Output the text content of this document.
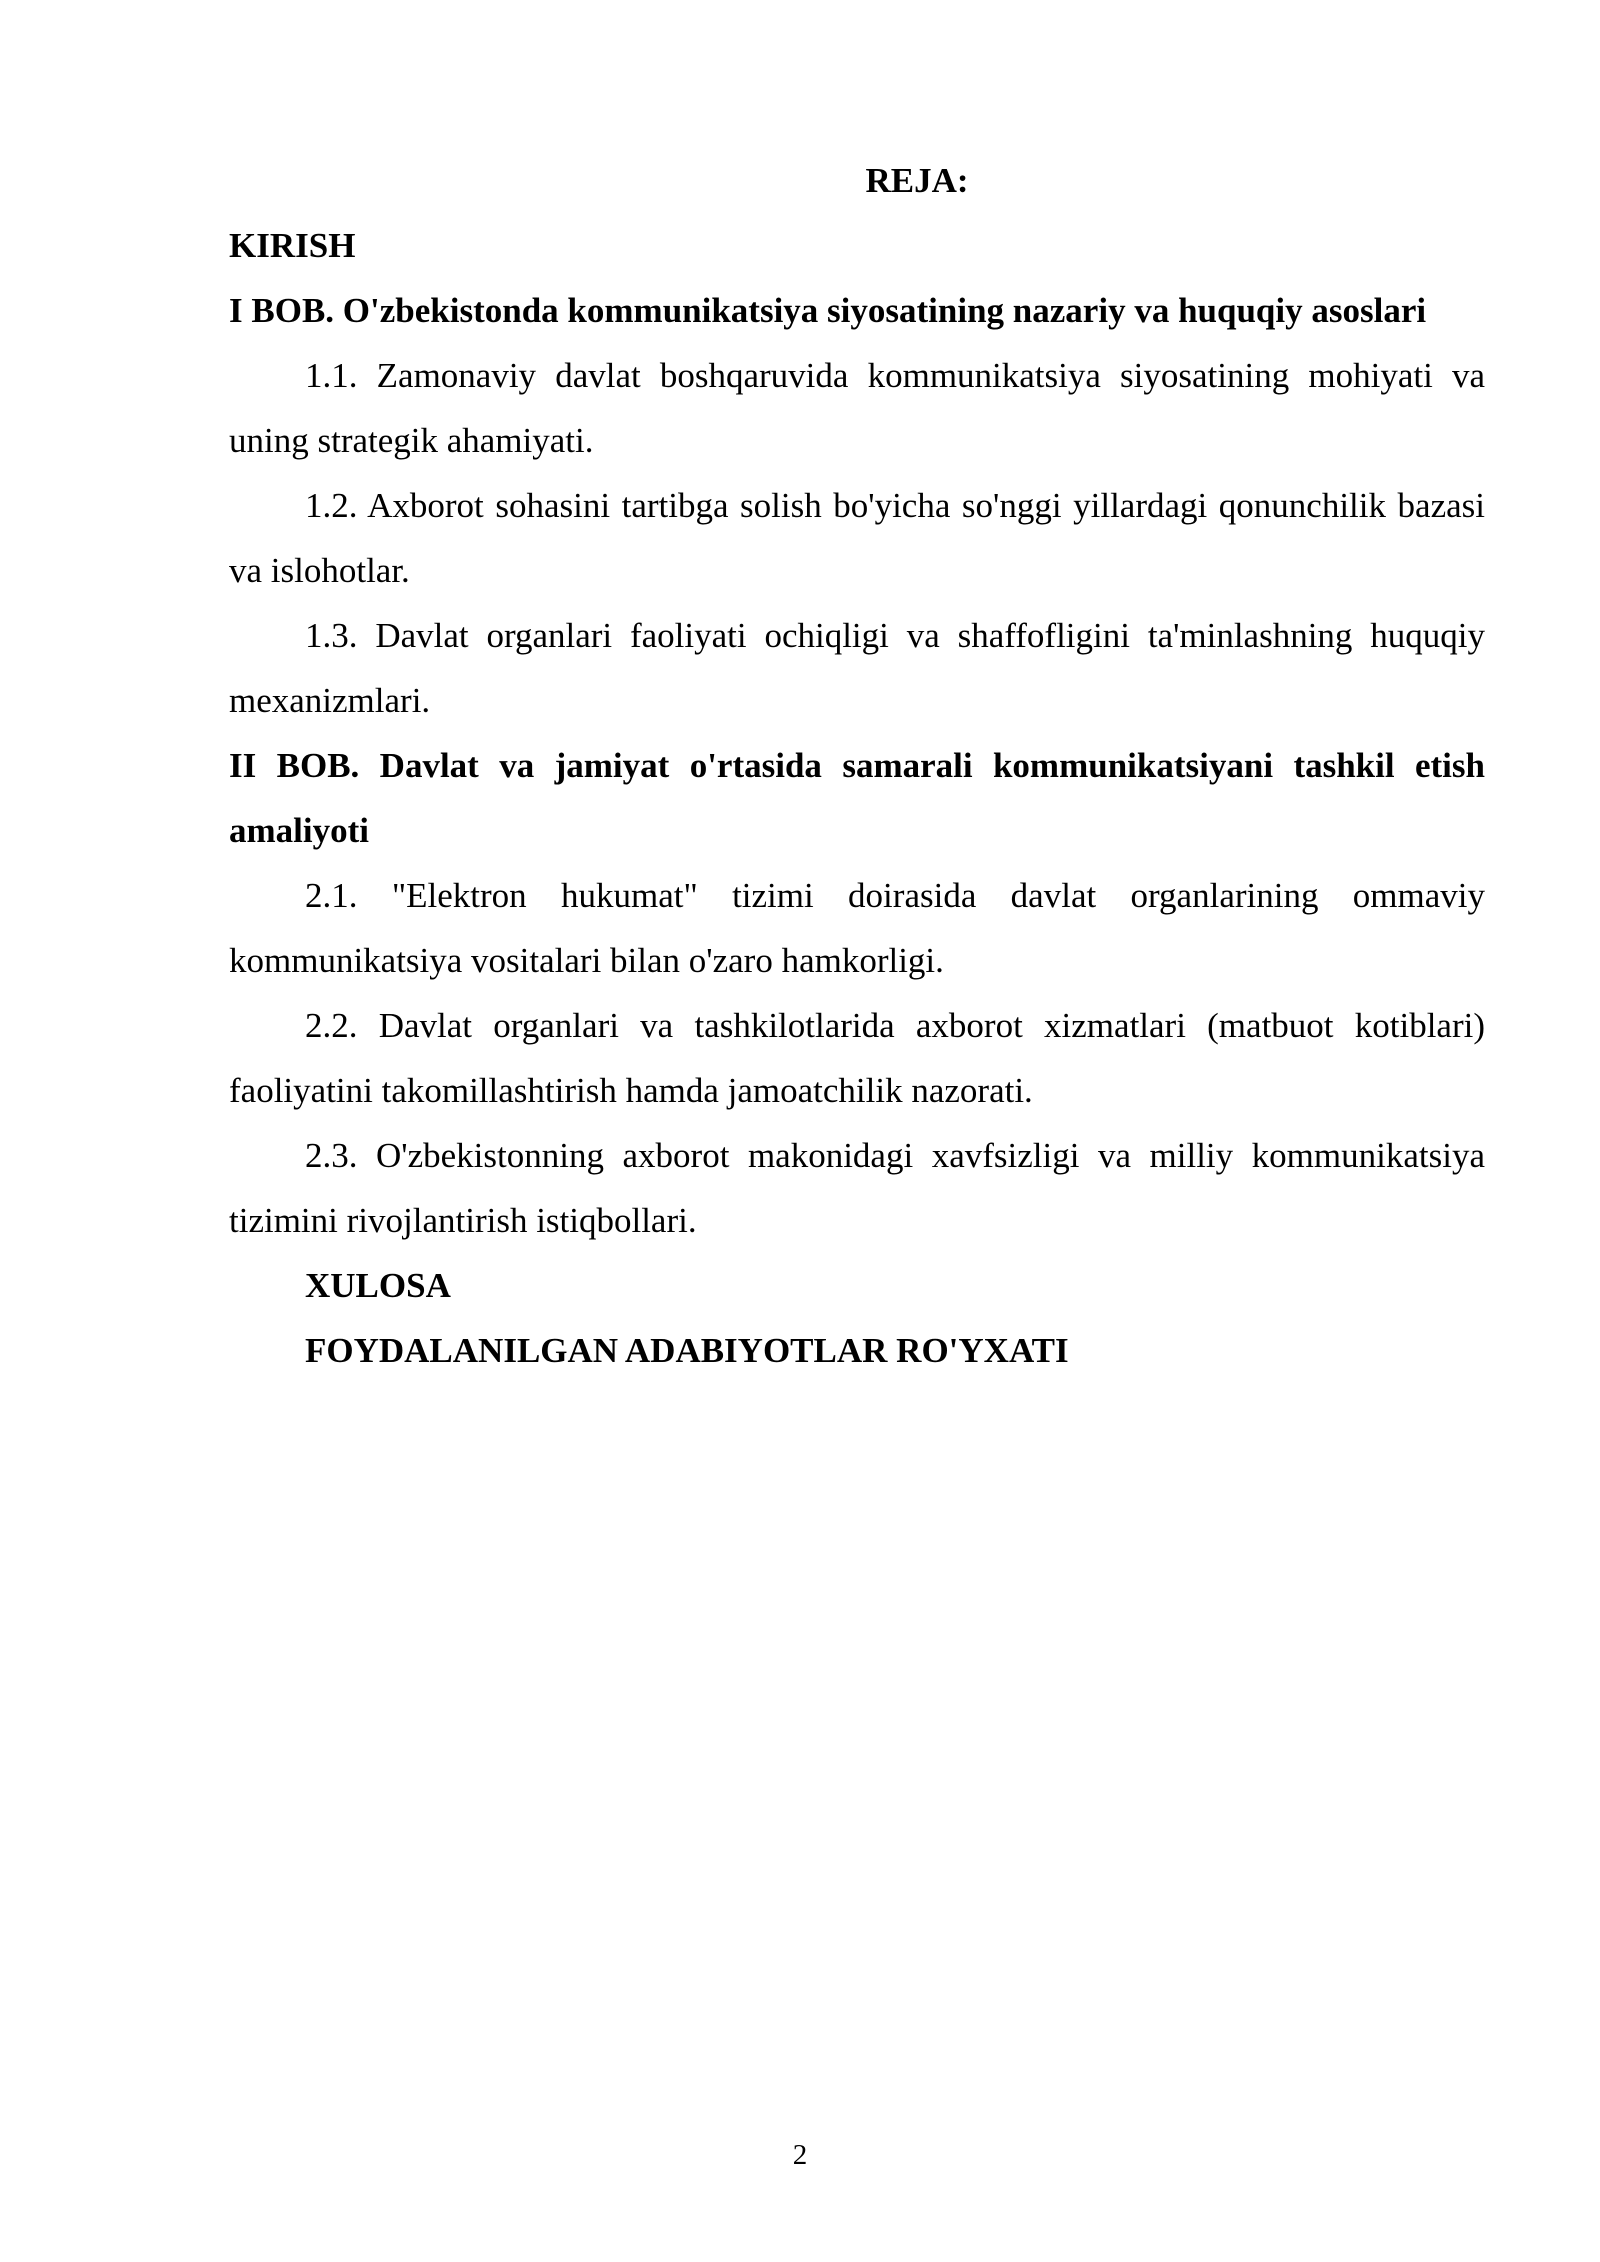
REJA:

KIRISH

I BOB. O'zbekistonda kommunikatsiya siyosatining nazariy va huquqiy asoslari

1.1. Zamonaviy davlat boshqaruvida kommunikatsiya siyosatining mohiyati va uning strategik ahamiyati.

1.2. Axborot sohasini tartibga solish bo'yicha so'nggi yillardagi qonunchilik bazasi va islohotlar.

1.3. Davlat organlari faoliyati ochiqligi va shaffofligini ta'minlashning huquqiy mexanizmlari.

II BOB. Davlat va jamiyat o'rtasida samarali kommunikatsiyani tashkil etish amaliyoti

2.1. "Elektron hukumat" tizimi doirasida davlat organlarining ommaviy kommunikatsiya vositalari bilan o'zaro hamkorligi.

2.2. Davlat organlari va tashkilotlarida axborot xizmatlari (matbuot kotiblari) faoliyatini takomillashtirish hamda jamoatchilik nazorati.

2.3. O'zbekistonning axborot makonidagi xavfsizligi va milliy kommunikatsiya tizimini rivojlantirish istiqbollari.

XULOSA

FOYDALANILGAN ADABIYOTLAR RO'YXATI

2
